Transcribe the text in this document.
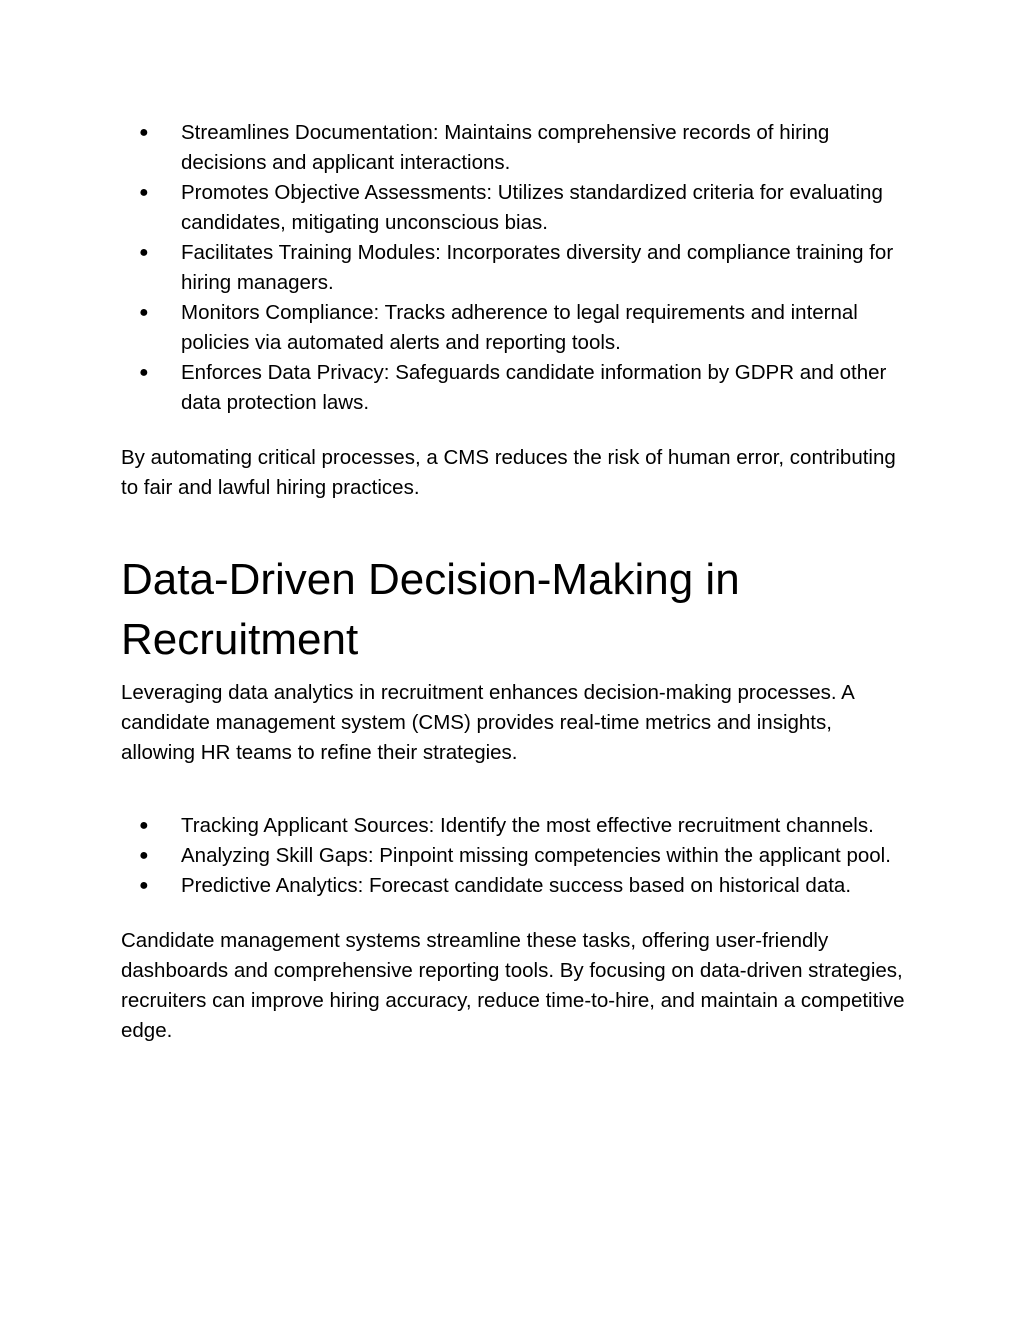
● Streamlines Documentation: Maintains comprehensive records of hiring decisions and applicant interactions.
● Promotes Objective Assessments: Utilizes standardized criteria for evaluating candidates, mitigating unconscious bias.
● Facilitates Training Modules: Incorporates diversity and compliance training for hiring managers.
● Monitors Compliance: Tracks adherence to legal requirements and internal policies via automated alerts and reporting tools.
● Enforces Data Privacy: Safeguards candidate information by GDPR and other data protection laws.

By automating critical processes, a CMS reduces the risk of human error, contributing to fair and lawful hiring practices.

Data-Driven Decision-Making in Recruitment

Leveraging data analytics in recruitment enhances decision-making processes. A candidate management system (CMS) provides real-time metrics and insights, allowing HR teams to refine their strategies.

● Tracking Applicant Sources: Identify the most effective recruitment channels.
● Analyzing Skill Gaps: Pinpoint missing competencies within the applicant pool.
● Predictive Analytics: Forecast candidate success based on historical data.

Candidate management systems streamline these tasks, offering user-friendly dashboards and comprehensive reporting tools. By focusing on data-driven strategies, recruiters can improve hiring accuracy, reduce time-to-hire, and maintain a competitive edge.
